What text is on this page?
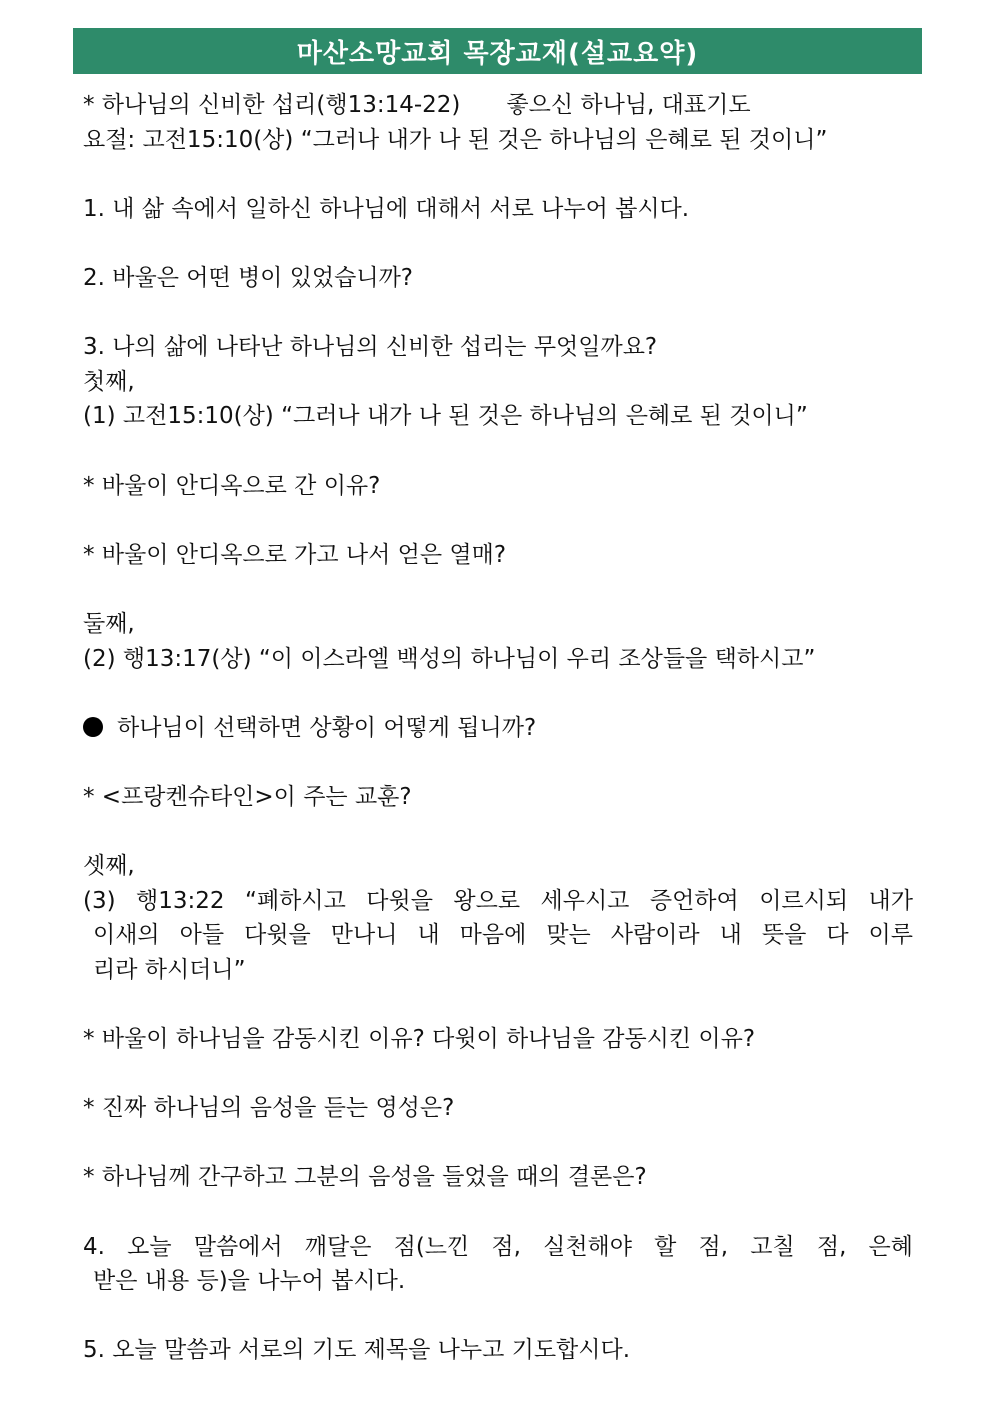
마산소망교회 목장교재(설교요약)
* 하나님의 신비한 섭리(행13:14-22) 좋으신 하나님, 대표기도
요절: 고전15:10(상) “그러나 내가 나 된 것은 하나님의 은혜로 된 것이니”
1. 내 삶 속에서 일하신 하나님에 대해서 서로 나누어 봅시다.
2. 바울은 어떤 병이 있었습니까?
3. 나의 삶에 나타난 하나님의 신비한 섭리는 무엇일까요?
첫째,
(1) 고전15:10(상) “그러나 내가 나 된 것은 하나님의 은혜로 된 것이니”
* 바울이 안디옥으로 간 이유?
* 바울이 안디옥으로 가고 나서 얻은 열매?
둘째,
(2) 행13:17(상) “이 이스라엘 백성의 하나님이 우리 조상들을 택하시고”
하나님이 선택하면 상황이 어떻게 됩니까?
* <프랑켄슈타인>이 주는 교훈?
셋째,
(3) 행13:22 “폐하시고 다윗을 왕으로 세우시고 증언하여 이르시되 내가
이새의 아들 다윗을 만나니 내 마음에 맞는 사람이라 내 뜻을 다 이루
리라 하시더니”
* 바울이 하나님을 감동시킨 이유? 다윗이 하나님을 감동시킨 이유?
* 진짜 하나님의 음성을 듣는 영성은?
* 하나님께 간구하고 그분의 음성을 들었을 때의 결론은?
4. 오늘 말씀에서 깨달은 점(느낀 점, 실천해야 할 점, 고칠 점, 은혜
받은 내용 등)을 나누어 봅시다.
5. 오늘 말씀과 서로의 기도 제목을 나누고 기도합시다.
